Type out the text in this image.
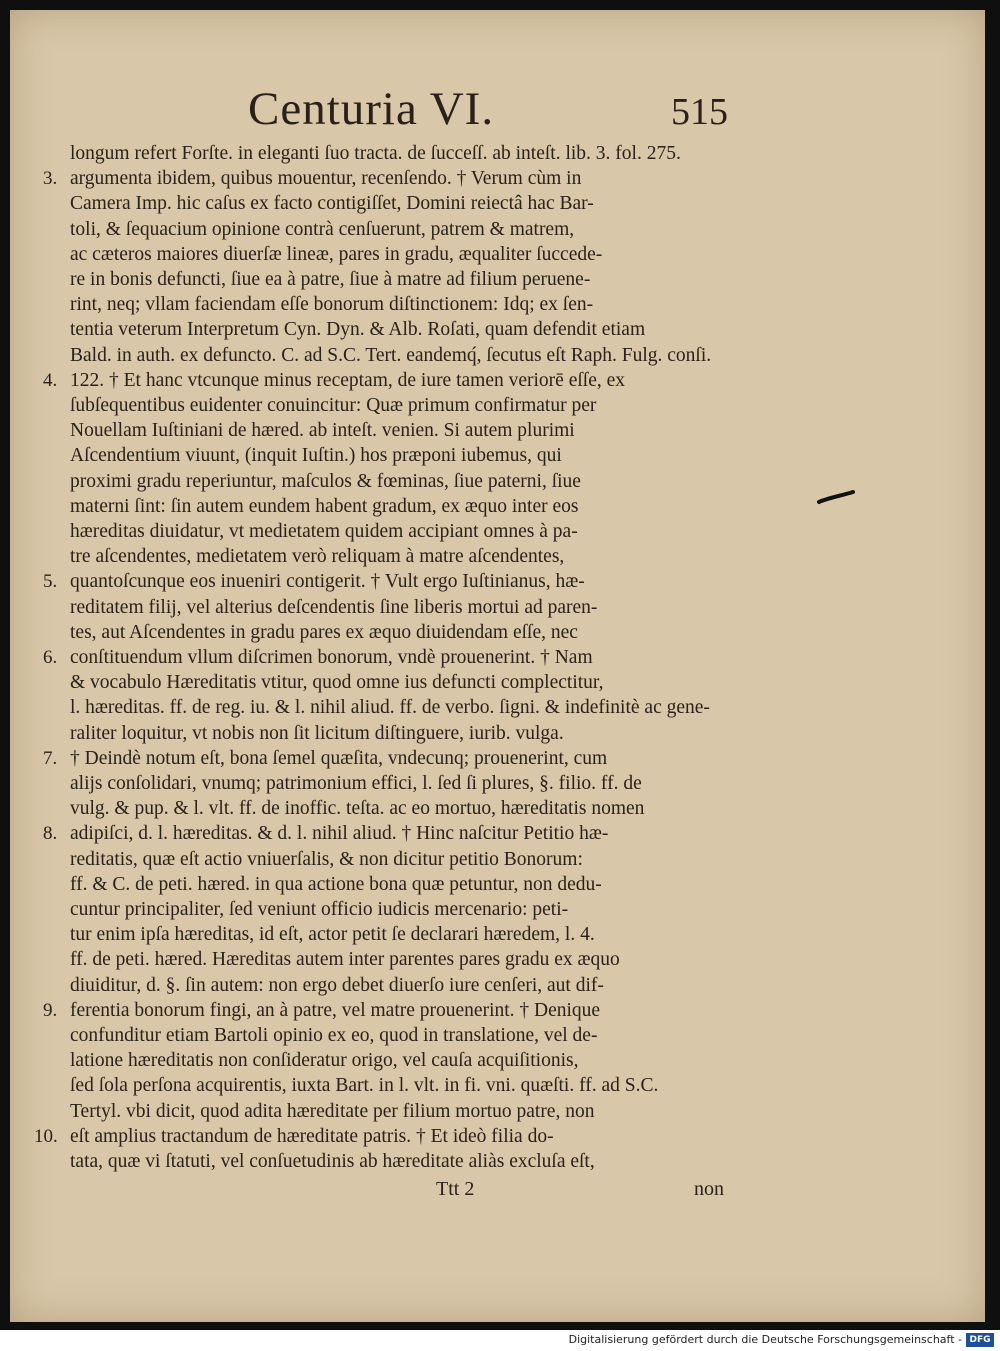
Centuria VI.	515
longum refert Forſte. in eleganti ſuo tracta. de ſucceſſ. ab inteſt. lib. 3. fol. 275.
argumenta ibidem, quibus mouentur, recenſendo. † Verum cùm in
Camera Imp. hic caſus ex facto contigiſſet, Domini reiectâ hac Bar-
toli, & ſequacium opinione contrà cenſuerunt, patrem & matrem,
ac cæteros maiores diuerſæ lineæ, pares in gradu, æqualiter ſuccede-
re in bonis defuncti, ſiue ea à patre, ſiue à matre ad filium peruene-
rint, neq; vllam faciendam eſſe bonorum diſtinctionem: Idq; ex ſen-
tentia veterum Interpretum Cyn. Dyn. & Alb. Roſati, quam defendit etiam
Bald. in auth. ex defuncto. C. ad S.C. Tert. eandemq́, ſecutus eſt Raph. Fulg. conſi.
122. † Et hanc vtcunque minus receptam, de iure tamen veriorē eſſe, ex
ſubſequentibus euidenter conuincitur: Quæ primum confirmatur per
Nouellam Iuſtiniani de hæred. ab inteſt. venien. Si autem plurimi
Aſcendentium viuunt, (inquit Iuſtin.) hos præponi iubemus, qui
proximi gradu reperiuntur, maſculos & fœminas, ſiue paterni, ſiue
materni ſint: ſin autem eundem habent gradum, ex æquo inter eos
hæreditas diuidatur, vt medietatem quidem accipiant omnes à pa-
tre aſcendentes, medietatem verò reliquam à matre aſcendentes,
quantoſcunque eos inueniri contigerit. † Vult ergo Iuſtinianus, hæ-
reditatem filij, vel alterius deſcendentis ſine liberis mortui ad paren-
tes, aut Aſcendentes in gradu pares ex æquo diuidendam eſſe, nec
conſtituendum vllum diſcrimen bonorum, vndè prouenerint. † Nam
& vocabulo Hæreditatis vtitur, quod omne ius defuncti complectitur,
l. hæreditas. ff. de reg. iu. & l. nihil aliud. ff. de verbo. ſigni. & indefinitè ac gene-
raliter loquitur, vt nobis non ſit licitum diſtinguere, iurib. vulga.
† Deindè notum eſt, bona ſemel quæſita, vndecunq; prouenerint, cum
alijs conſolidari, vnumq; patrimonium effici, l. ſed ſi plures, §. filio. ff. de
vulg. & pup. & l. vlt. ff. de inoffic. teſta. ac eo mortuo, hæreditatis nomen
adipiſci, d. l. hæreditas. & d. l. nihil aliud. † Hinc naſcitur Petitio hæ-
reditatis, quæ eſt actio vniuerſalis, & non dicitur petitio Bonorum:
ff. & C. de peti. hæred. in qua actione bona quæ petuntur, non dedu-
cuntur principaliter, ſed veniunt officio iudicis mercenario: peti-
tur enim ipſa hæreditas, id eſt, actor petit ſe declarari hæredem, l. 4.
ff. de peti. hæred. Hæreditas autem inter parentes pares gradu ex æquo
diuiditur, d. §. ſin autem: non ergo debet diuerſo iure cenſeri, aut dif-
ferentia bonorum fingi, an à patre, vel matre prouenerint. † Denique
confunditur etiam Bartoli opinio ex eo, quod in translatione, vel de-
latione hæreditatis non conſideratur origo, vel cauſa acquiſitionis,
ſed ſola perſona acquirentis, iuxta Bart. in l. vlt. in fi. vni. quæſti. ff. ad S.C.
Tertyl. vbi dicit, quod adita hæreditate per filium mortuo patre, non
eſt amplius tractandum de hæreditate patris. † Et ideò filia do-
tata, quæ vi ſtatuti, vel conſuetudinis ab hæreditate aliàs excluſa eſt,
3.
4.
5.
6.
7.
8.
9.
10.
Ttt 2	non
Digitalisierung gefördert durch die Deutsche Forschungsgemeinschaft - DFG
